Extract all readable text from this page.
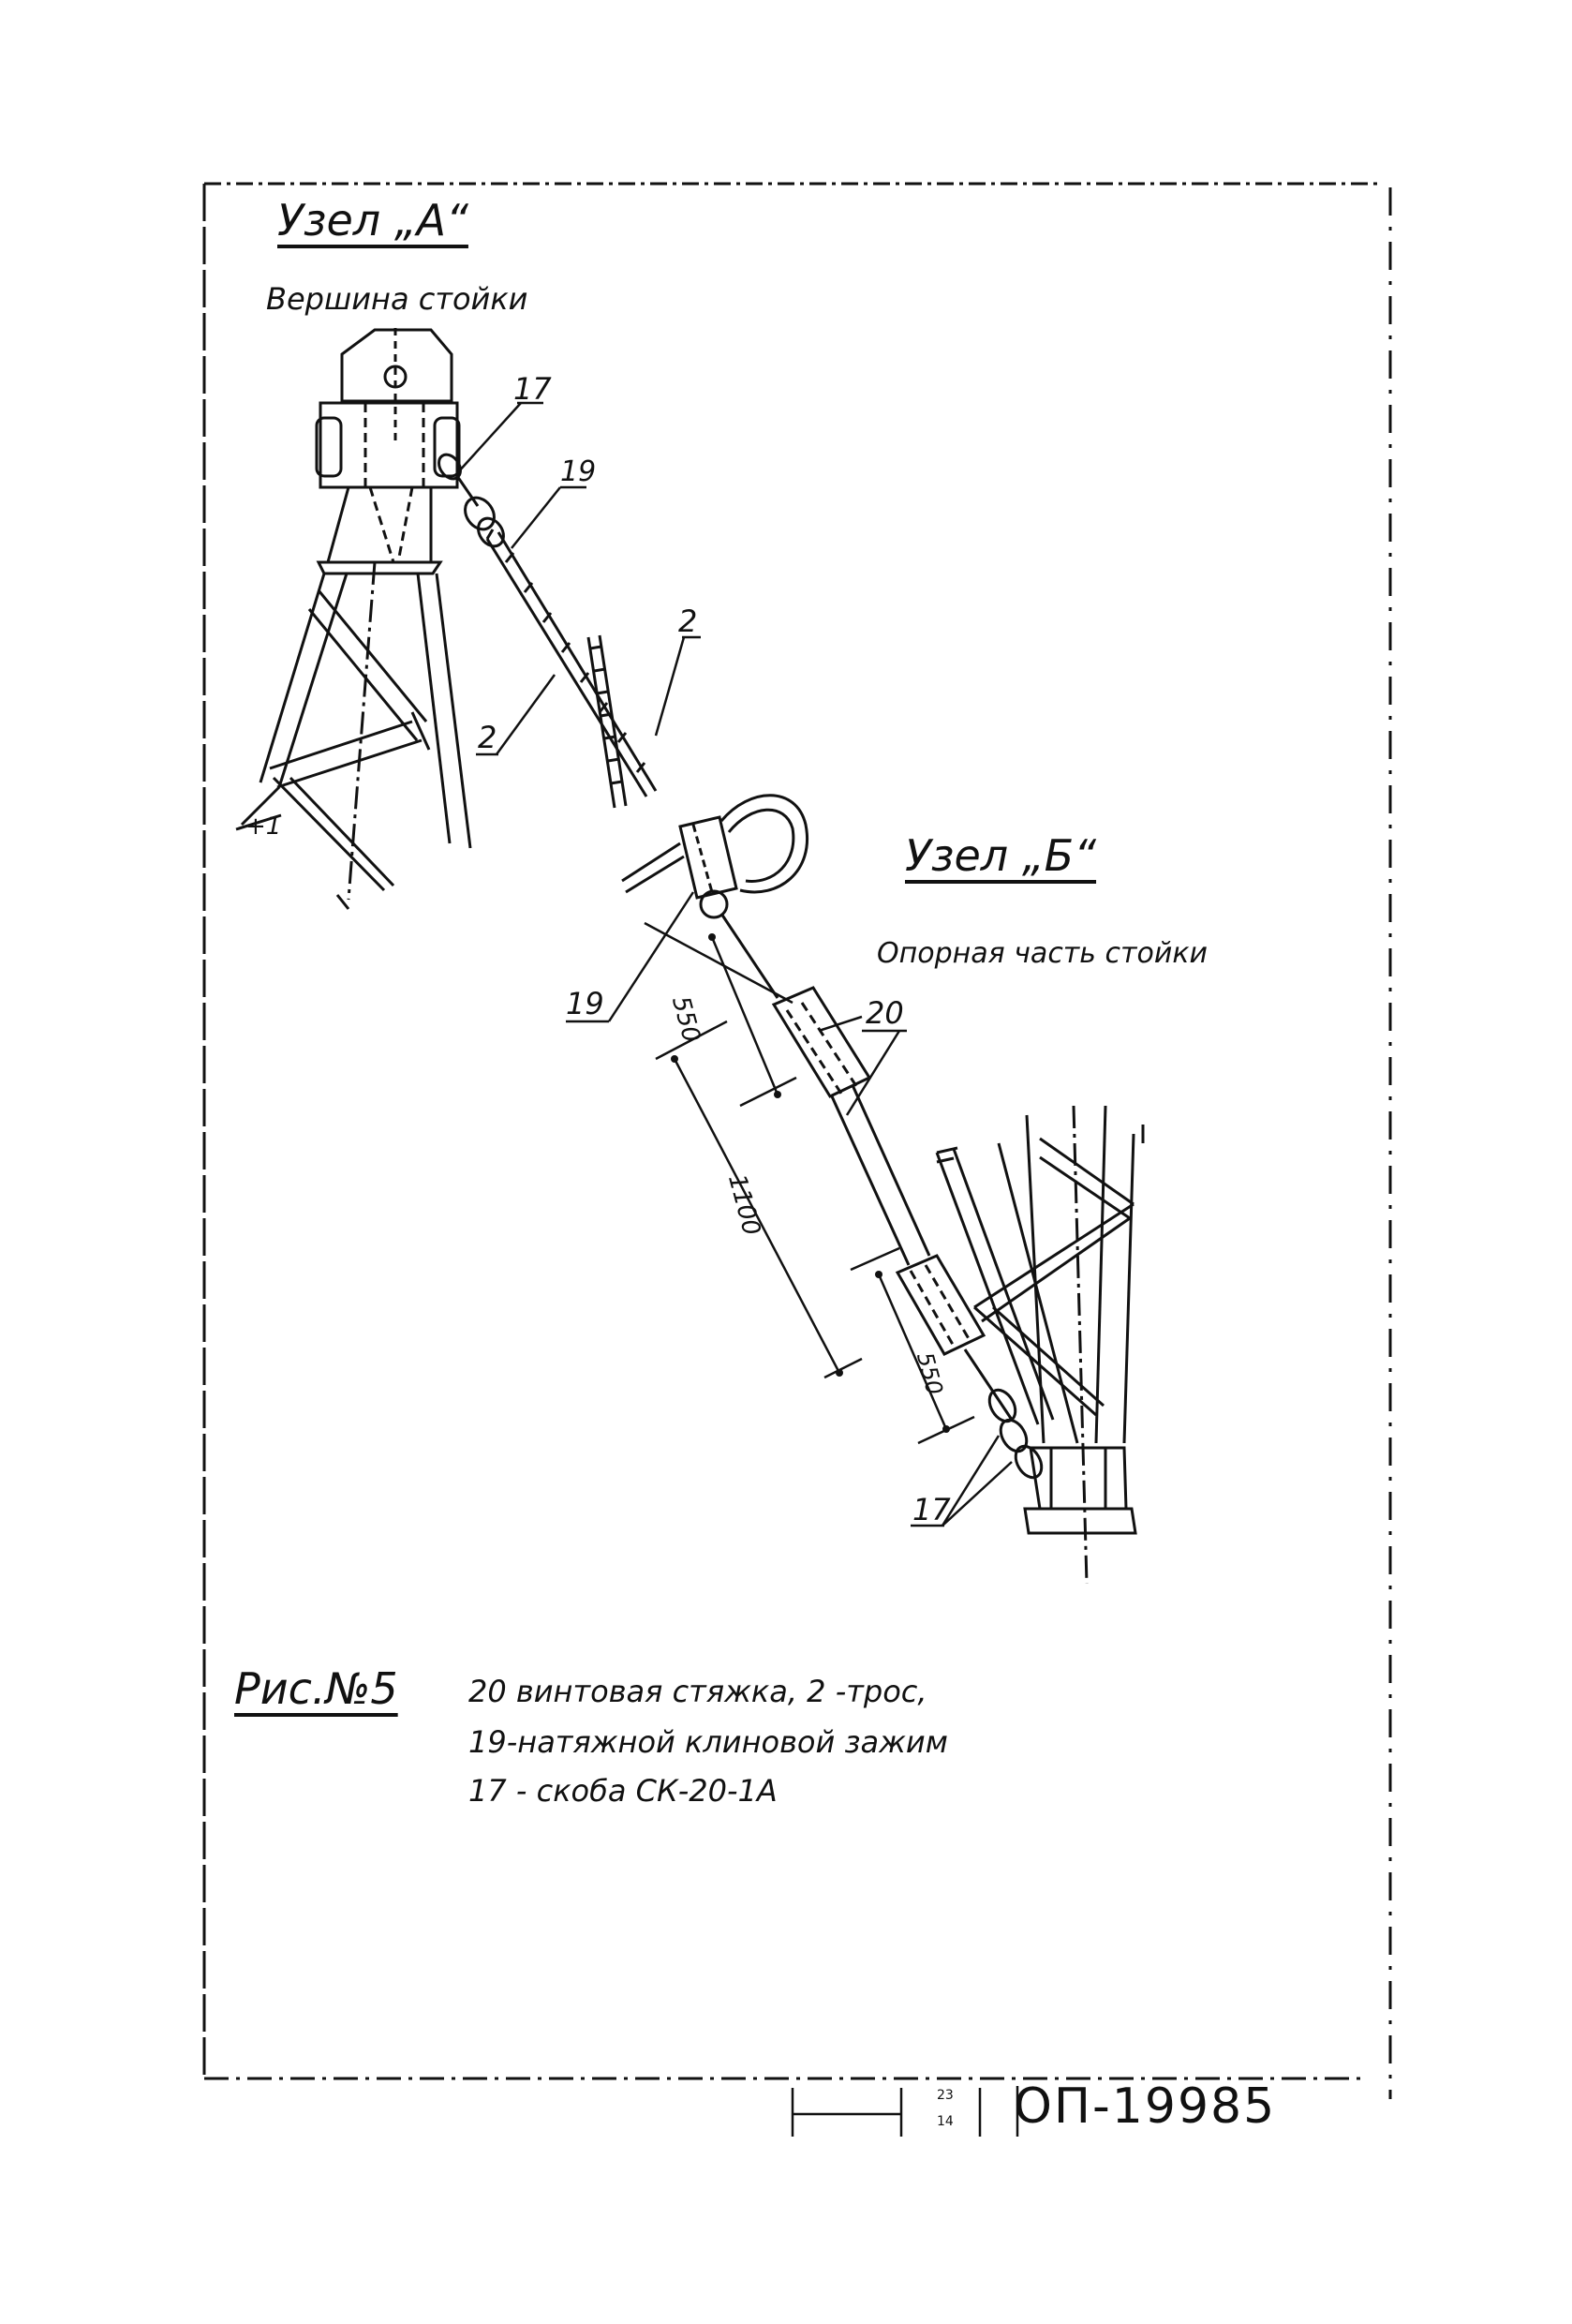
+1
Узел „А“
Вершина стойки
Узел „Б“
Опорная часть стойки
17
19
2
2
19	20
17
550
1100
550
Рис.№5 20 винтовая стяжка, 2 -трос,
19-натяжной клиновой зажим
17 - скоба СК-20-1А
23
14 ОП-19985
